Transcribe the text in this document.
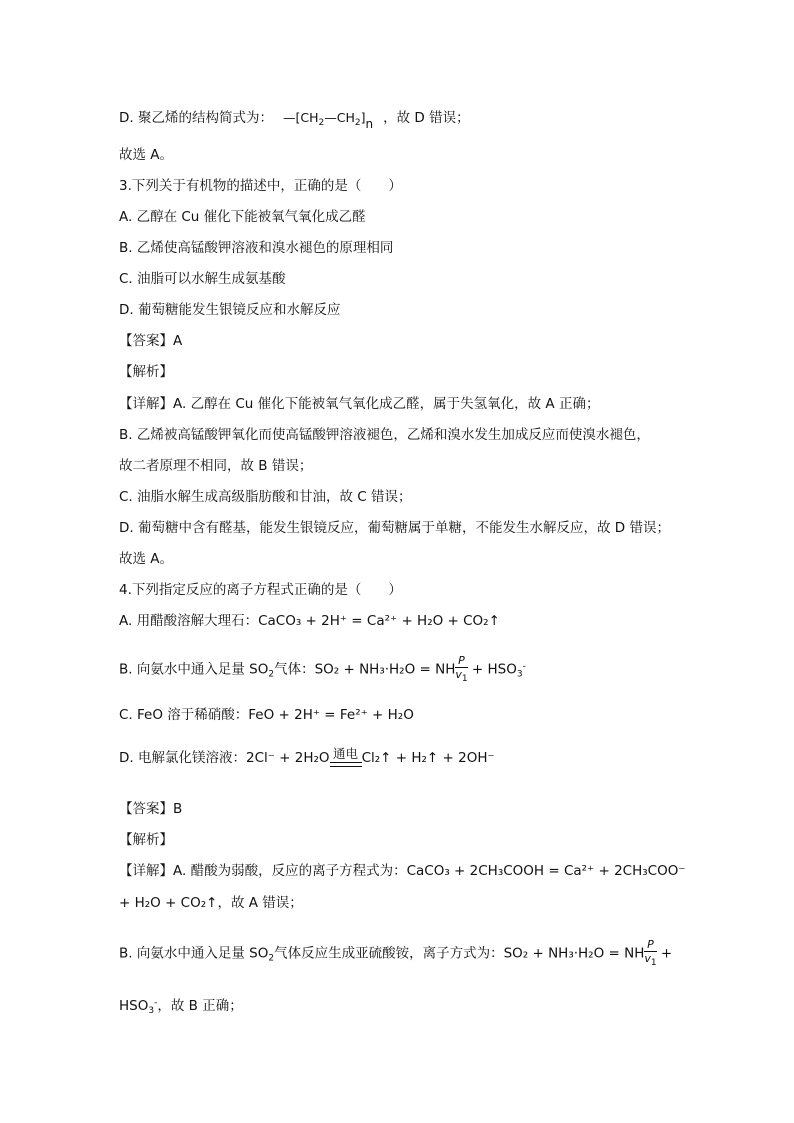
D. 聚乙烯的结构简式为： $—[CH_2—CH_2]n$ ，故 D 错误；
故选 A。
3.下列关于有机物的描述中，正确的是（　　）
A. 乙醇在 Cu 催化下能被氧气氧化成乙醛
B. 乙烯使高锰酸钾溶液和溴水褪色的原理相同
C. 油脂可以水解生成氨基酸
D. 葡萄糖能发生银镜反应和水解反应
【答案】A
【解析】
【详解】A. 乙醇在 Cu 催化下能被氧气氧化成乙醛，属于失氢氧化，故 A 正确；
B. 乙烯被高锰酸钾氧化而使高锰酸钾溶液褪色，乙烯和溴水发生加成反应而使溴水褪色，
故二者原理不相同，故 B 错误；
C. 油脂水解生成高级脂肪酸和甘油，故 C 错误；
D. 葡萄糖中含有醛基，能发生银镜反应，葡萄糖属于单糖，不能发生水解反应，故 D 错误；
故选 A。
4.下列指定反应的离子方程式正确的是（　　）
A. 用醋酸溶解大理石：CaCO₃ + 2H⁺ = Ca²⁺ + H₂O + CO₂↑
B. 向氨水中通入足量 $SO_2$气体：SO₂ + NH₃·H₂O = NH $\frac{P}{v_1} + HSO_3^-$
C. FeO 溶于稀硝酸：FeO + 2H⁺ = Fe²⁺ + H₂O
D. 电解氯化镁溶液：2Cl⁻ + 2H₂O 通电 Cl₂↑ + H₂↑ + 2OH⁻
【答案】B
【解析】
【详解】A. 醋酸为弱酸，反应的离子方程式为：CaCO₃ + 2CH₃COOH = Ca²⁺ + 2CH₃COO⁻
+ H₂O + CO₂↑，故 A 错误；
B. 向氨水中通入足量 $SO_2$气体反应生成亚硫酸铵，离子方式为：SO₂ + NH₃·H₂O = NH $\frac{P}{v_1}$ +
$HSO_3^-$，故 B 正确；
